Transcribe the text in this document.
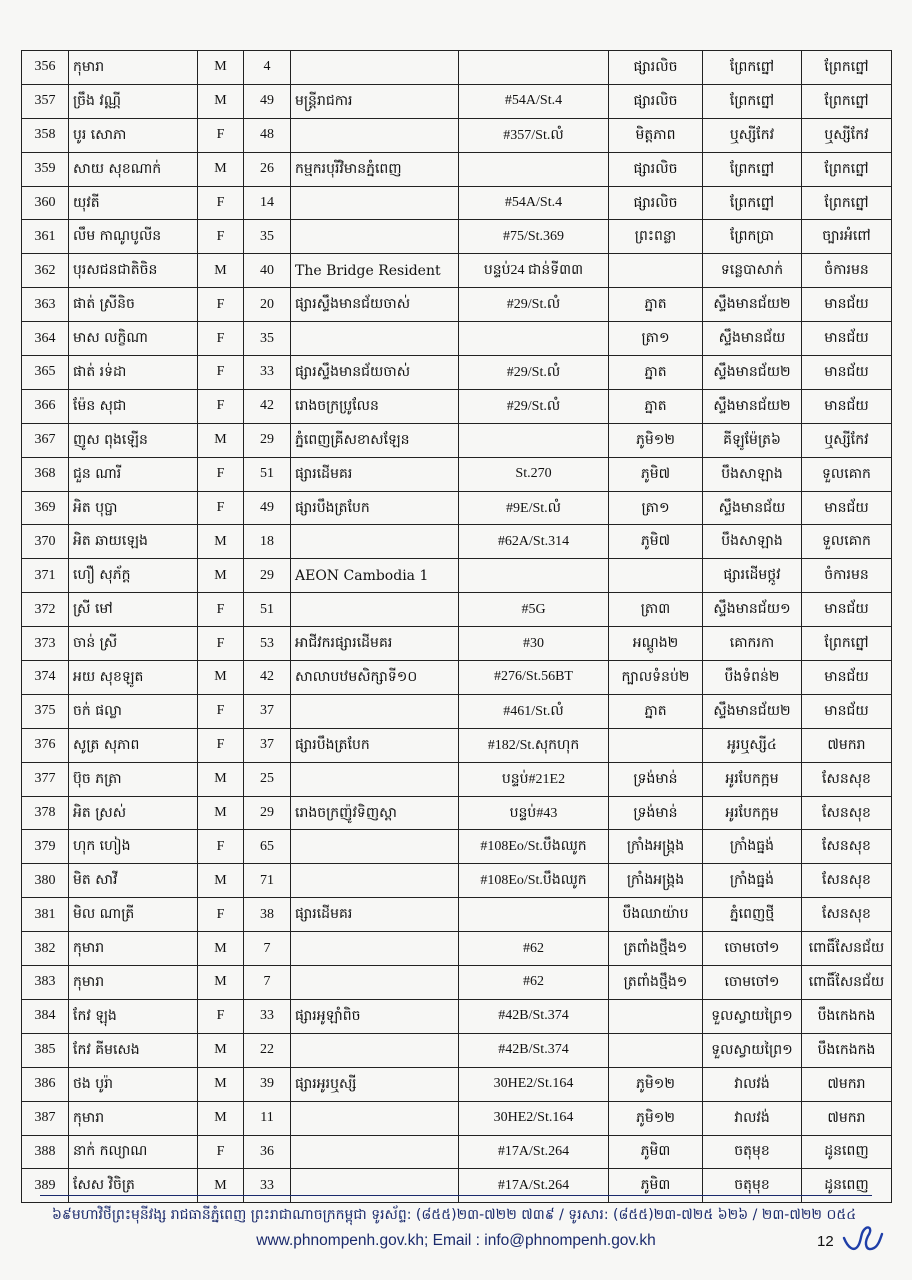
356	កុមារា	M	4			ផ្សារលិច	ព្រែកព្នៅ	ព្រែកព្នៅ
357	ច្រឹង វណ្ណី	M	49	មន្ត្រីរាជការ	#54A/St.4	ផ្សារលិច	ព្រែកព្នៅ	ព្រែកព្នៅ
358	បូរ សោភា	F	48		#357/St.លំ	មិត្តភាព	ឬស្សីកែវ	ឬស្សីកែវ
359	សាយ សុខណាក់	M	26	កម្មករបុរីវិមានភ្នំពេញ		ផ្សារលិច	ព្រែកព្នៅ	ព្រែកព្នៅ
360	យុវតី	F	14		#54A/St.4	ផ្សារលិច	ព្រែកព្នៅ	ព្រែកព្នៅ
361	លឹម កាណូបូលីន	F	35		#75/St.369	ព្រះពន្លា	ព្រែកប្រា	ច្បារអំពៅ
362	បុរសជនជាតិចិន	M	40	The Bridge Resident	បន្ទប់24 ជាន់ទី៣៣		ទន្លេបាសាក់	ចំការមន
363	ផាត់ ស្រីនិច	F	20	ផ្សារស្ទឹងមានជ័យចាស់	#29/St.លំ	ភ្នាត	ស្ទឹងមានជ័យ២	មានជ័យ
364	មាស លក្ខិណា	F	35			ត្រា១	ស្ទឹងមានជ័យ	មានជ័យ
365	ផាត់ រទ់ដា	F	33	ផ្សារស្ទឹងមានជ័យចាស់	#29/St.លំ	ភ្នាត	ស្ទឹងមានជ័យ២	មានជ័យ
366	ម៉ែន សុជា	F	42	រោងចក្រប្រូលែន	#29/St.លំ	ភ្នាត	ស្ទឹងមានជ័យ២	មានជ័យ
367	ញូស ពុងឡើន	M	29	ភ្នំពេញគ្រីសខាសឡែន		ភូមិ១២	គីឡូម៉ែត្រ៦	ឬស្សីកែវ
368	ជួន ណារី	F	51	ផ្សារដើមគរ	St.270	ភូមិ៧	បឹងសាឡាង	ទួលគោក
369	អិត បុប្ផា	F	49	ផ្សារបឹងត្របែក	#9E/St.លំ	ត្រា១	ស្ទឹងមានជ័យ	មានជ័យ
370	អិត ឆាយឡេង	M	18		#62A/St.314	ភូមិ៧	បឹងសាឡាង	ទួលគោក
371	ហឿ សុភ័ក្ត	M	29	AEON Cambodia 1			ផ្សារដើមថ្កូវ	ចំការមន
372	ស្រី មៅ	F	51		#5G	ត្រា៣	ស្ទឹងមានជ័យ១	មានជ័យ
373	ចាន់ ស្រី	F	53	អាជីវករផ្សារដើមគរ	#30	អណ្តូង២	គោករកា	ព្រែកព្នៅ
374	អយ សុខឡូត	M	42	សាលាបឋមសិក្សាទី១០	#276/St.56BT	ក្បាលទំនប់២	បឹងទំពន់២	មានជ័យ
375	ចក់ ផល្លា	F	37		#461/St.លំ	ភ្នាត	ស្ទឹងមានជ័យ២	មានជ័យ
376	សូត្រ សុភាព	F	37	ផ្សារបឹងត្របែក	#182/St.សុកហុក		អូរឬស្សី៤	៧មករា
377	ប៊ុច ភត្រា	M	25		បន្ទប់#21E2	ទ្រង់មាន់	អូរបែកក្អម	សែនសុខ
378	អិត ស្រស់	M	29	រោងចក្រញ៉ូវទិញស្តា	បន្ទប់#43	ទ្រង់មាន់	អូរបែកក្អម	សែនសុខ
379	ហុក ហៀង	F	65		#108Eo/St.បឹងឈូក	ក្រាំងអង្រ្កង	ក្រាំងធ្នង់	សែនសុខ
380	មិត សាវី	M	71		#108Eo/St.បឹងឈូក	ក្រាំងអង្រ្កង	ក្រាំងធ្នង់	សែនសុខ
381	មិល ណាត្រី	F	38	ផ្សារដើមគរ		បឹងឈាយ៉ាប	ភ្នំពេញថ្មី	សែនសុខ
382	កុមារា	M	7		#62	ត្រពាំងថ្មឹង១	ចោមចៅ១	ពោធិ៍សែនជ័យ
383	កុមារា	M	7		#62	ត្រពាំងថ្មឹង១	ចោមចៅ១	ពោធិ៍សែនជ័យ
384	កែវ ឡុង	F	33	ផ្សារអូឡាំពិច	#42B/St.374		ទួលស្វាយព្រៃ១	បឹងកេងកង
385	កែវ គីមសេង	M	22		#42B/St.374		ទួលស្វាយព្រៃ១	បឹងកេងកង
386	ថង បូរ៉ា	M	39	ផ្សារអូរឬស្សី	30HE2/St.164	ភូមិ១២	វាលវង់	៧មករា
387	កុមារា	M	11		30HE2/St.164	ភូមិ១២	វាលវង់	៧មករា
388	នាក់ កល្យាណ	F	36		#17A/St.264	ភូមិ៣	ចតុមុខ	ដូនពេញ
389	សែស វិចិត្រ	M	33		#17A/St.264	ភូមិ៣	ចតុមុខ	ដូនពេញ
៦៩មហាវិថីព្រះមុនីវង្ស រាជធានីភ្នំពេញ ព្រះរាជាណាចក្រកម្ពុជា ទូរស័ព្ទ: (៨៥៥)២៣-៧២២ ៧៣៩ / ទូរសារ: (៨៥៥)២៣-៧២៥ ៦២៦ / ២៣-៧២២ ០៥៤
www.phnompenh.gov.kh; Email : info@phnompenh.gov.kh	12
